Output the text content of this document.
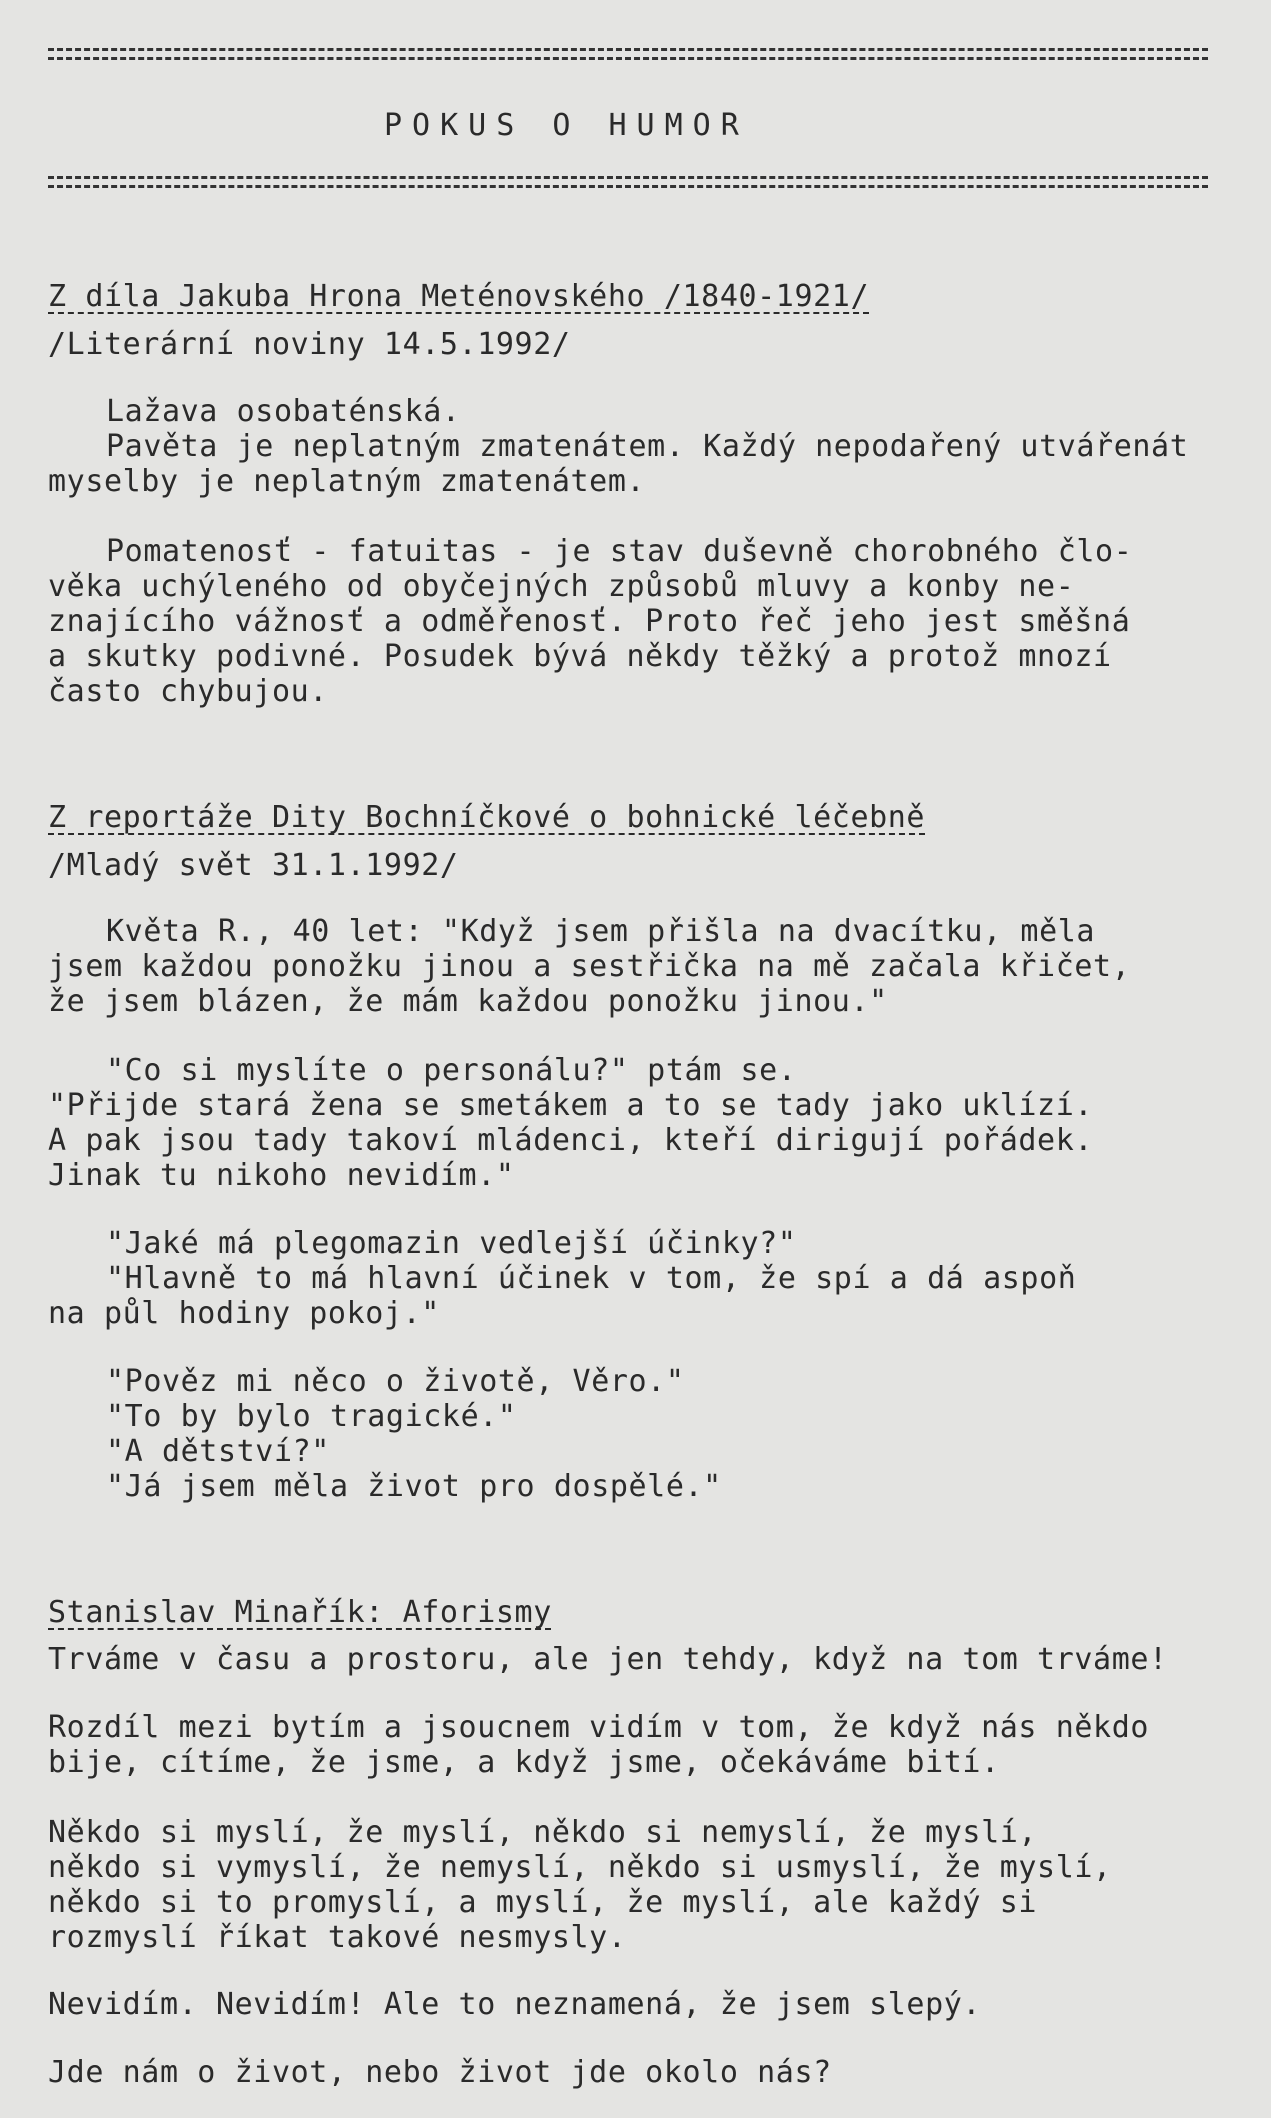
POKUS O HUMOR
Z díla Jakuba Hrona Meténovského /1840-1921/
/Literární noviny 14.5.1992/
Lažava osobaténská.
Pavěta je neplatným zmatenátem. Každý nepodařený utvářenát
myselby je neplatným zmatenátem.
Pomatenosť - fatuitas - je stav duševně chorobného člo-
věka uchýleného od obyčejných způsobů mluvy a konby ne-
znajícího vážnosť a odměřenosť. Proto řeč jeho jest směšná
a skutky podivné. Posudek bývá někdy těžký a protož mnozí
často chybujou.
Z reportáže Dity Bochníčkové o bohnické léčebně
/Mladý svět 31.1.1992/
Květa R., 40 let: "Když jsem přišla na dvacítku, měla
jsem každou ponožku jinou a sestřička na mě začala křičet,
že jsem blázen, že mám každou ponožku jinou."
"Co si myslíte o personálu?" ptám se.
"Přijde stará žena se smetákem a to se tady jako uklízí.
A pak jsou tady takoví mládenci, kteří dirigují pořádek.
Jinak tu nikoho nevidím."
"Jaké má plegomazin vedlejší účinky?"
"Hlavně to má hlavní účinek v tom, že spí a dá aspoň
na půl hodiny pokoj."
"Pověz mi něco o životě, Věro."
"To by bylo tragické."
"A dětství?"
"Já jsem měla život pro dospělé."
Stanislav Minařík: Aforismy
Trváme v času a prostoru, ale jen tehdy, když na tom trváme!
Rozdíl mezi bytím a jsoucnem vidím v tom, že když nás někdo
bije, cítíme, že jsme, a když jsme, očekáváme bití.
Někdo si myslí, že myslí, někdo si nemyslí, že myslí,
někdo si vymyslí, že nemyslí, někdo si usmyslí, že myslí,
někdo si to promyslí, a myslí, že myslí, ale každý si
rozmyslí říkat takové nesmysly.
Nevidím. Nevidím! Ale to neznamená, že jsem slepý.
Jde nám o život, nebo život jde okolo nás?
